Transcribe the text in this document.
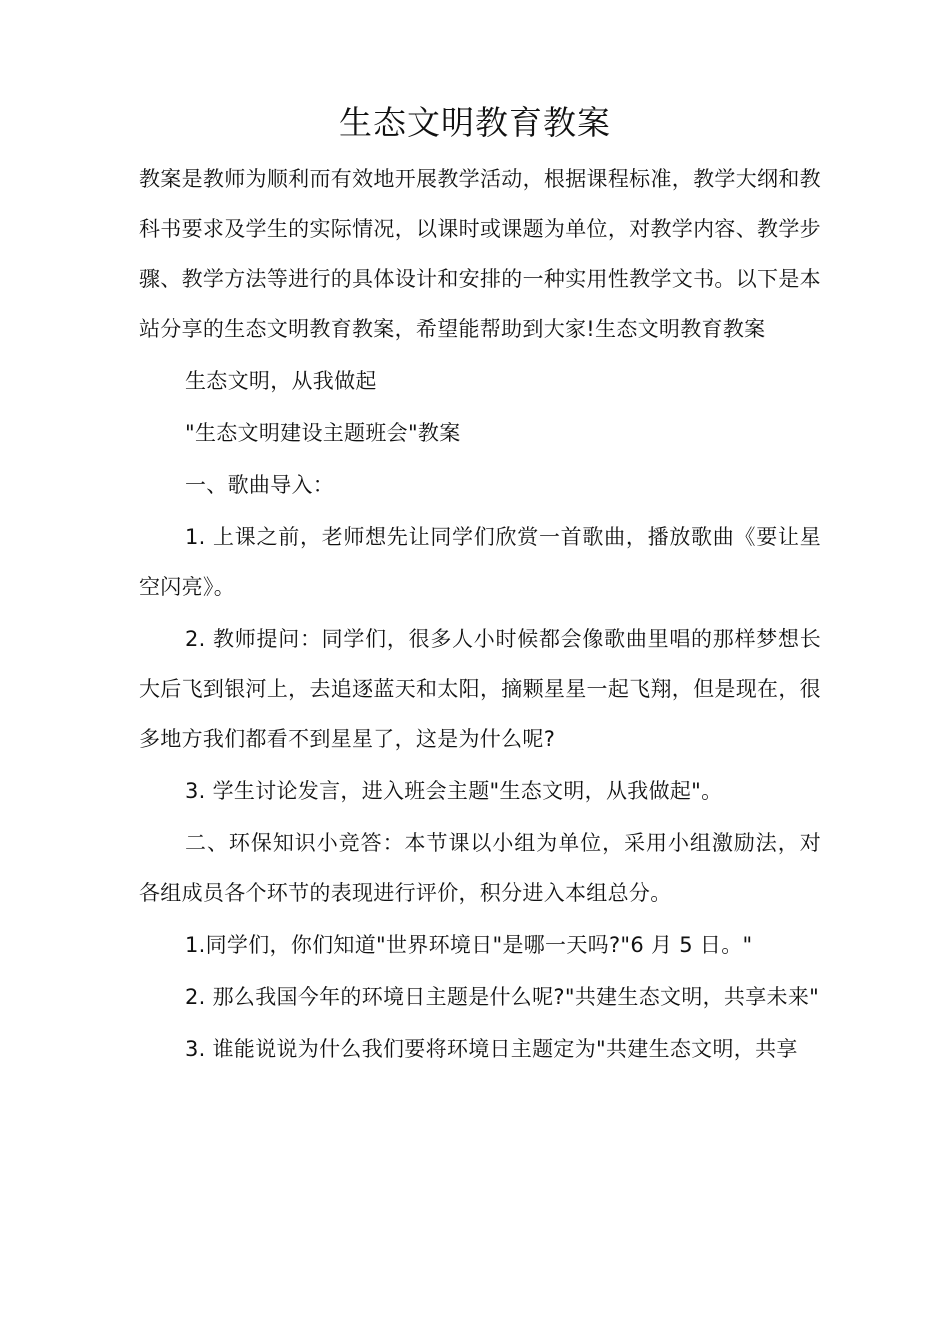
生态文明教育教案

教案是教师为顺利而有效地开展教学活动，根据课程标准，教学大纲和教科书要求及学生的实际情况，以课时或课题为单位，对教学内容、教学步骤、教学方法等进行的具体设计和安排的一种实用性教学文书。以下是本站分享的生态文明教育教案，希望能帮助到大家!生态文明教育教案

生态文明，从我做起

"生态文明建设主题班会"教案

一、歌曲导入：

1. 上课之前，老师想先让同学们欣赏一首歌曲，播放歌曲《要让星空闪亮》。

2. 教师提问：同学们，很多人小时候都会像歌曲里唱的那样梦想长大后飞到银河上，去追逐蓝天和太阳，摘颗星星一起飞翔，但是现在，很多地方我们都看不到星星了，这是为什么呢?

3. 学生讨论发言，进入班会主题"生态文明，从我做起"。

二、环保知识小竞答：本节课以小组为单位，采用小组激励法，对各组成员各个环节的表现进行评价，积分进入本组总分。

1.同学们，你们知道"世界环境日"是哪一天吗?"6 月 5 日。"

2. 那么我国今年的环境日主题是什么呢?"共建生态文明，共享未来"

3. 谁能说说为什么我们要将环境日主题定为"共建生态文明，共享
